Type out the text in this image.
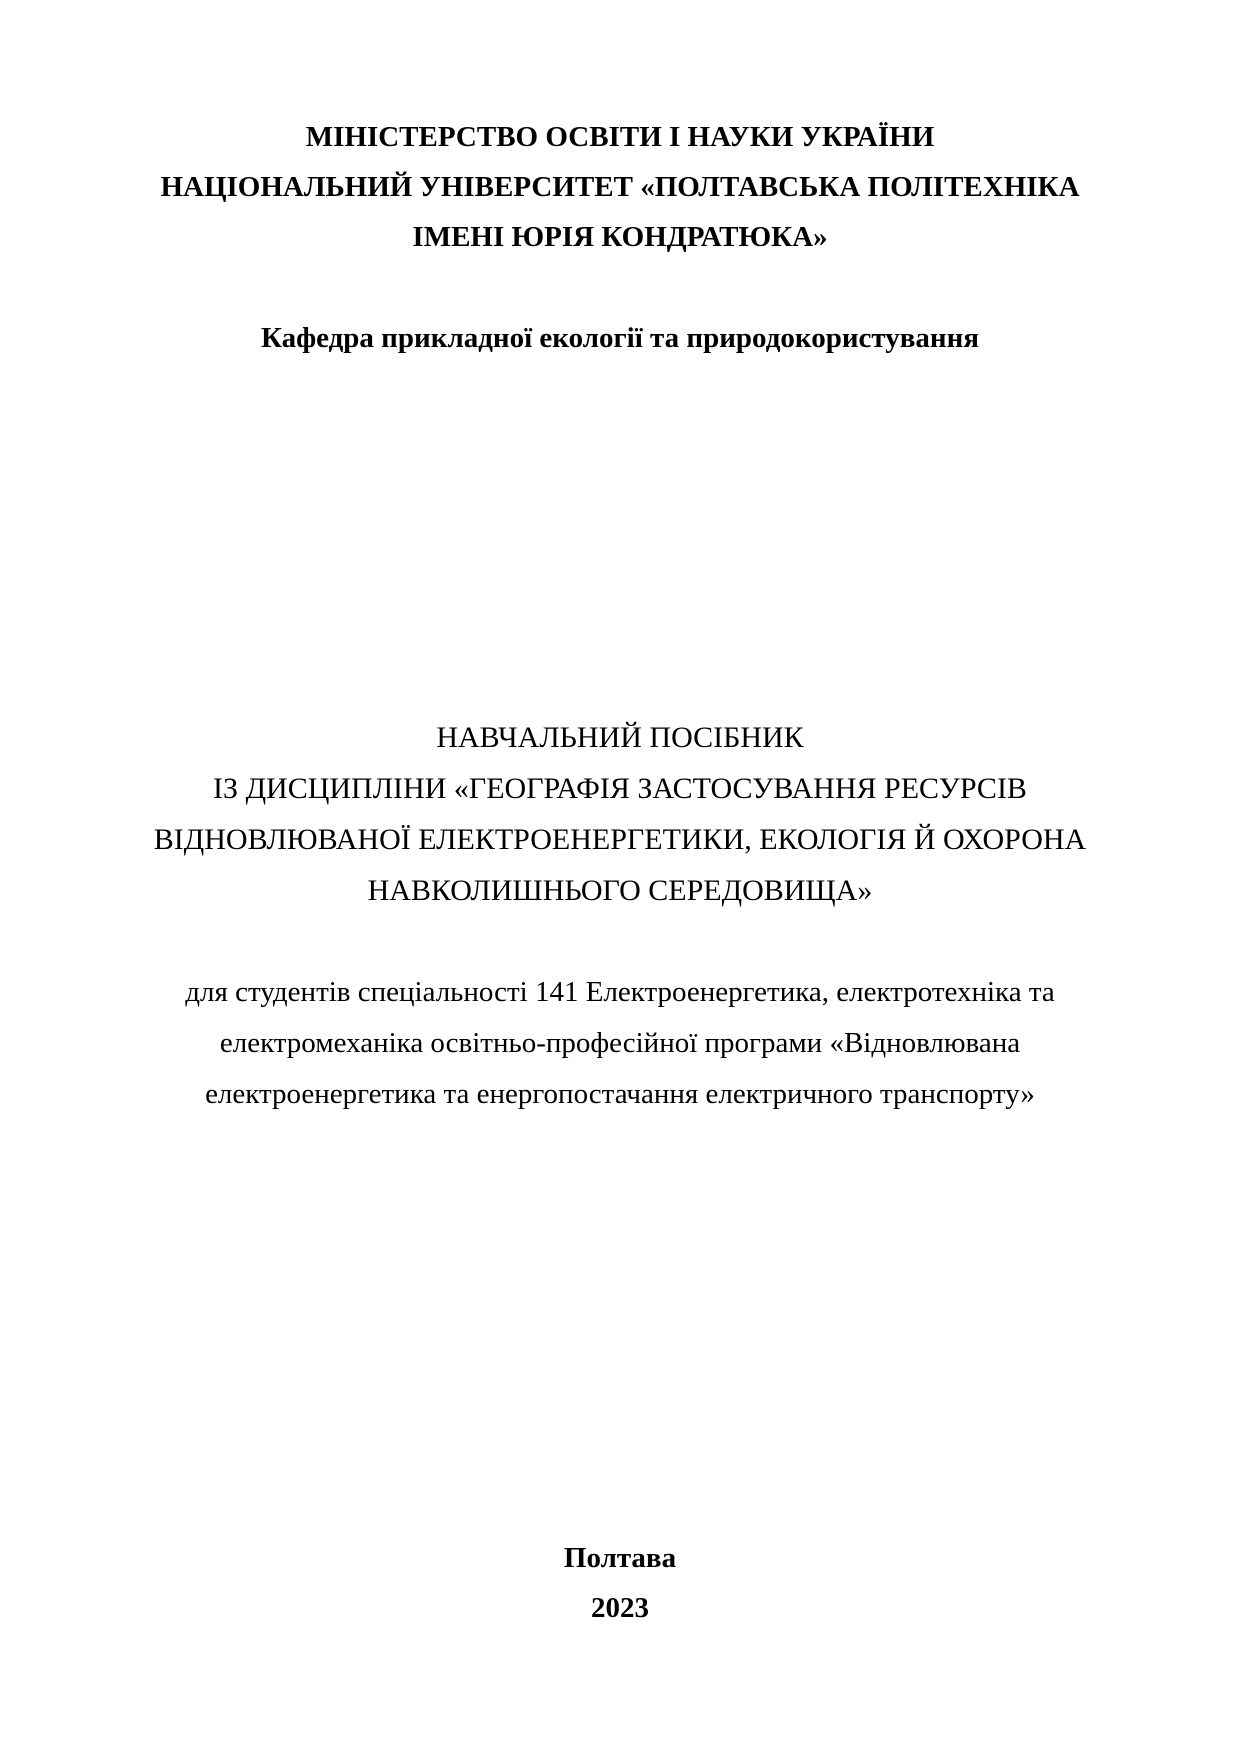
МІНІСТЕРСТВО ОСВІТИ І НАУКИ УКРАЇНИ
НАЦІОНАЛЬНИЙ УНІВЕРСИТЕТ «ПОЛТАВСЬКА ПОЛІТЕХНІКА
ІМЕНІ ЮРІЯ КОНДРАТЮКА»
Кафедра прикладної екології та природокористування
НАВЧАЛЬНИЙ ПОСІБНИК
ІЗ ДИСЦИПЛІНИ «ГЕОГРАФІЯ ЗАСТОСУВАННЯ РЕСУРСІВ
ВІДНОВЛЮВАНОЇ ЕЛЕКТРОЕНЕРГЕТИКИ, ЕКОЛОГІЯ Й ОХОРОНА
НАВКОЛИШНЬОГО СЕРЕДОВИЩА»
для студентів спеціальності 141 Електроенергетика, електротехніка та
електромеханіка освітньо-професійної програми «Відновлювана
електроенергетика та енергопостачання електричного транспорту»
Полтава
2023
